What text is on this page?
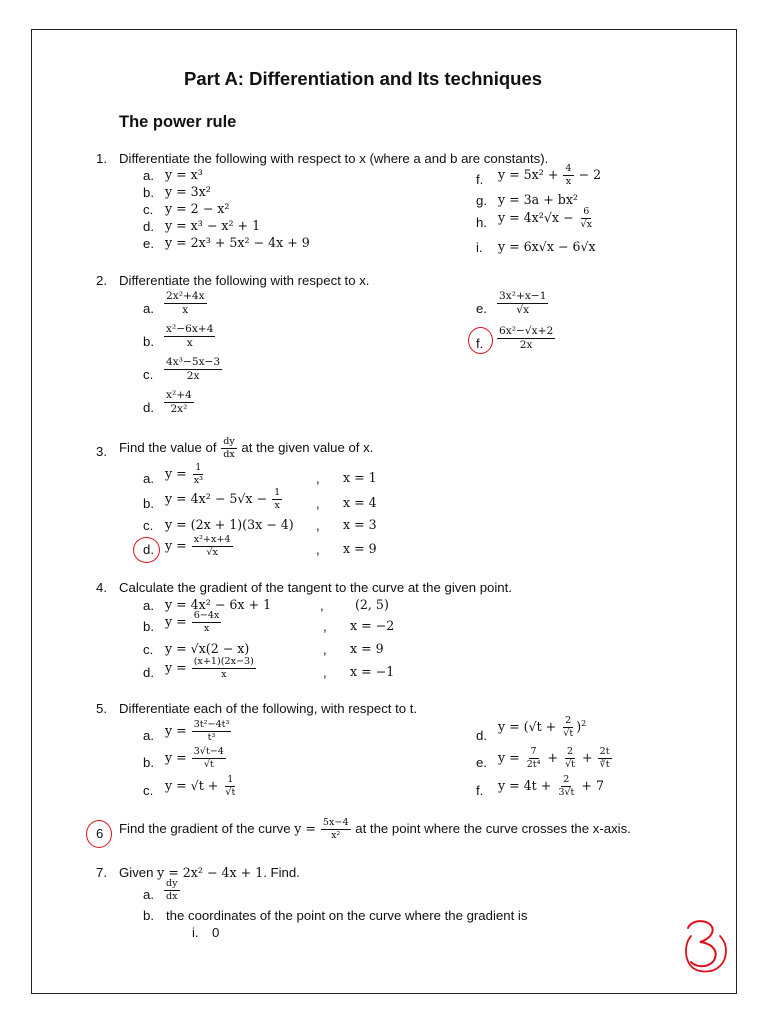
Part A: Differentiation and Its techniques
The power rule
1. Differentiate the following with respect to x (where a and b are constants).
a. y = x³
b. y = 3x²
c. y = 2 − x²
d. y = x³ − x² + 1
e. y = 2x³ + 5x² − 4x + 9
f. $y = 5x^2 + \frac{4}{x} - 2$
g. y = 3a + bx²
h. $y = 4x^2√x - \frac{6}{√x}$
i. y = 6x√x − 6√x
2. Differentiate the following with respect to x.
a. $\frac{\text{2x²+4x}}{x}$
b. $\frac{\text{x²−6x+4}}{x}$
c. $\frac{\text{4x³−5x−3}}{2x}$
d. $\frac{\text{x²+4}}{\text{2x²}}$
e. $\frac{\text{3x²+x−1}}{√x}$
f. $\frac{\text{6x²−√x+2}}{2x}$
3. Find the value of $\frac{dy}{dx}$ at the given value of x.
a. $y = \frac{1}{\text{x³}}$	, x = 1
b. $y = 4x^2 - 5√x - \frac{1}{x}$	, x = 4
c. y = (2x + 1)(3x − 4) , x = 3
d. $y = \frac{\text{x²+x+4}}{√x}$	, x = 9
4. Calculate the gradient of the tangent to the curve at the given point.
a. y = 4x² − 6x + 1	, (2, 5)
b. $y = \frac{6-4x}{x}$	, x = −2
c. y = √x(2 − x)	, x = 9
d. $y = \frac{(x+1)(2x-3)}{x}$	, x = −1
5. Differentiate each of the following, with respect to t.
a. $y = \frac{\text{3t²−4t³}}{\text{t³}}$
b. $y = \frac{3√t-4}{√t}$
c. $y = √t + \frac{1}{√t}$
d.
$y = (√t + \frac{2}{√t} )^2$
e. $y = \frac{7}{\text{2t⁴}} + \frac{2}{√t} + \frac{2t}{∛t}$
f. $y = 4t + \frac{2}{3√t} + 7$
6 Find the gradient of the curve $y = \frac{5x-4}{\text{x²}}$ at the point where the curve crosses the x-axis.
7. Given y = 2x² − 4x + 1. Find.
a. $\frac{dy}{dx}$
b. the coordinates of the point on the curve where the gradient is
i. 0
